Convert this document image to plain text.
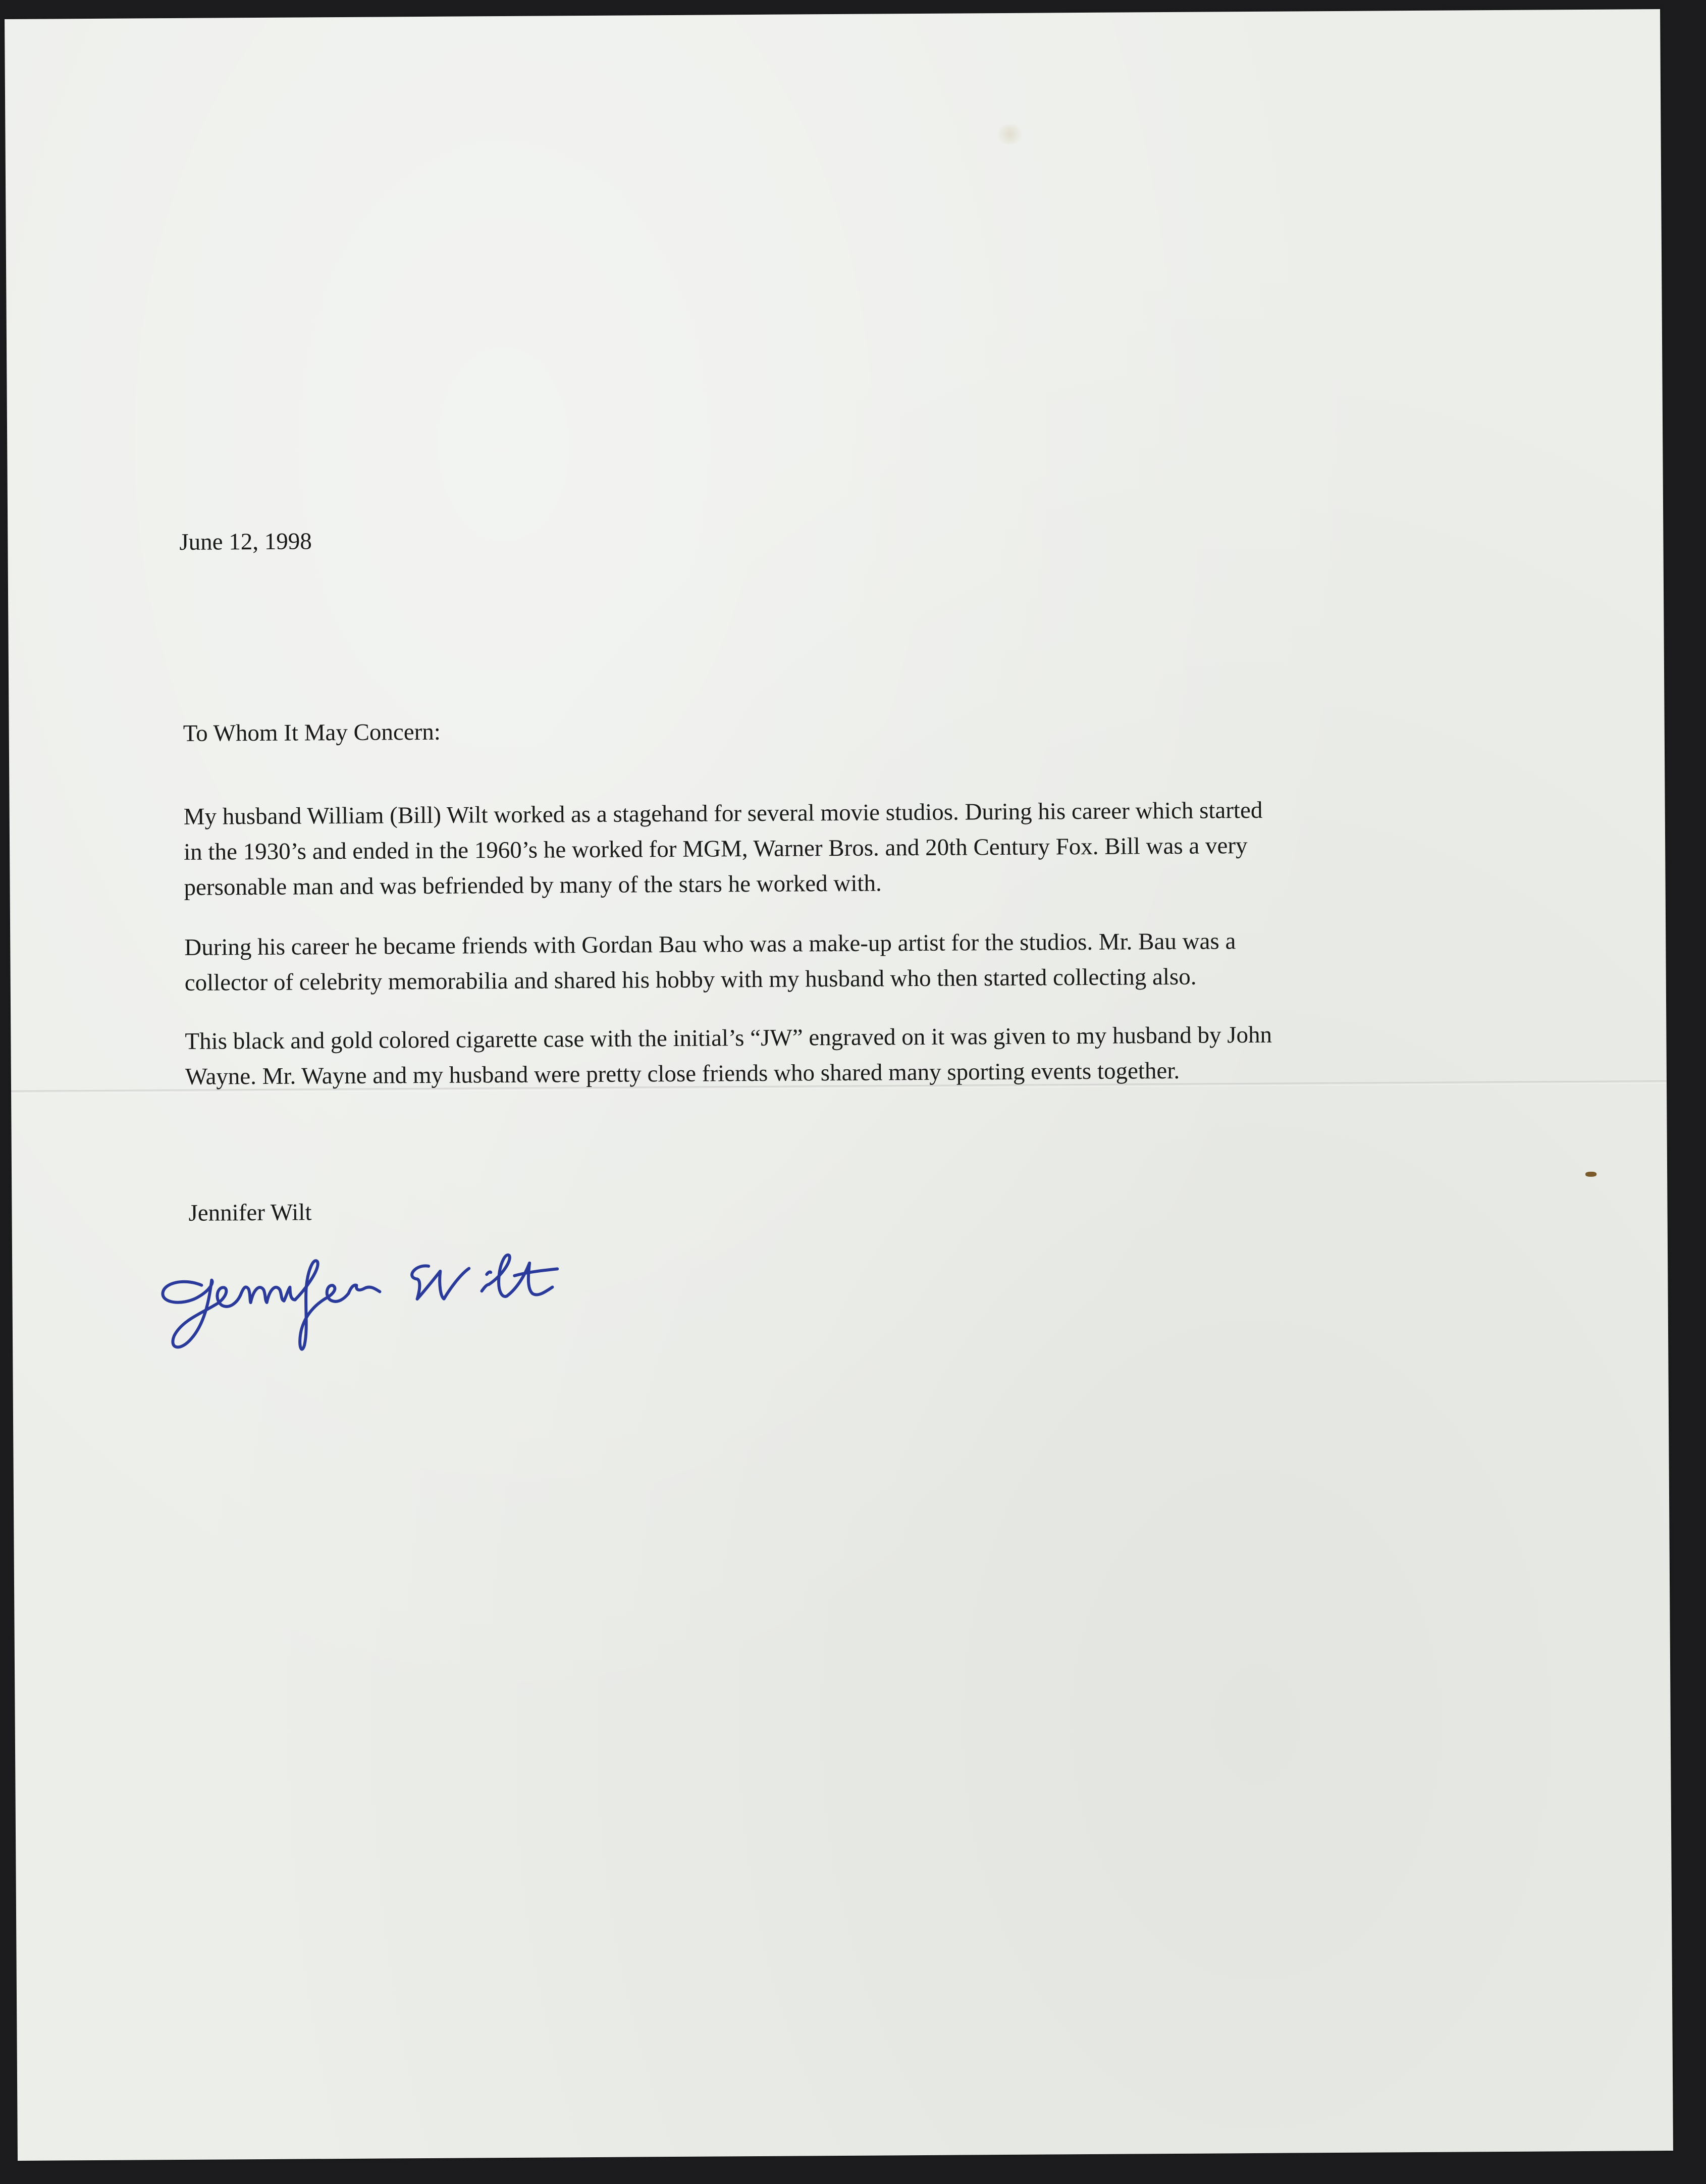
June 12, 1998
To Whom It May Concern:
My husband William (Bill) Wilt worked as a stagehand for several movie studios. During his career which started
in the 1930’s and ended in the 1960’s he worked for MGM, Warner Bros. and 20th Century Fox. Bill was a very
personable man and was befriended by many of the stars he worked with.
During his career he became friends with Gordan Bau who was a make-up artist for the studios. Mr. Bau was a
collector of celebrity memorabilia and shared his hobby with my husband who then started collecting also.
This black and gold colored cigarette case with the initial’s “JW” engraved on it was given to my husband by John
Wayne. Mr. Wayne and my husband were pretty close friends who shared many sporting events together.
Jennifer Wilt
